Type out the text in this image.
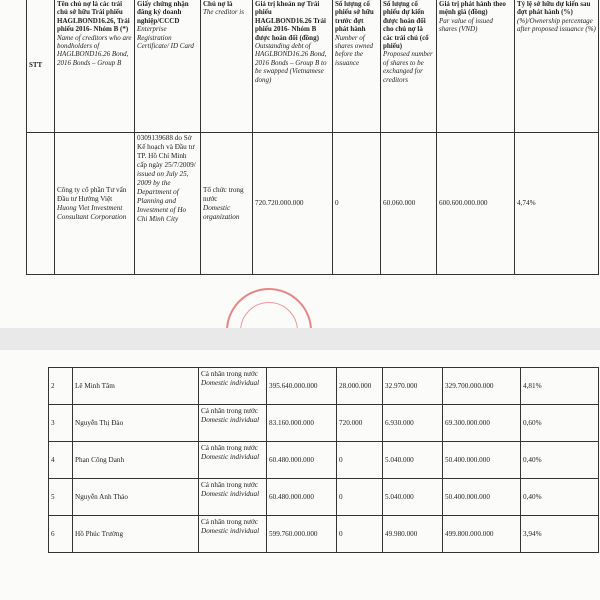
STT	Tên chủ nợ là các trái chủ sở hữu Trái phiếu HAGLBOND16.26, Trái phiếu 2016- Nhóm B (*)
Name of creditors who are bondholders of HAGLBOND16.26 Bond, 2016 Bonds – Group B	Giấy chứng nhận đăng ký doanh nghiệp/CCCD
Enterprise Registration Certificate/ ID Card	Chủ nợ là
The creditor is	Giá trị khoản nợ Trái phiếu HAGLBOND16.26 Trái phiếu 2016- Nhóm B được hoán đổi (đồng)
Outstanding debt of HAGLBOND16.26 Bond, 2016 Bonds – Group B to be swapped (Vietnamese dong)	Số lượng cổ phiếu sở hữu trước đợt phát hành
Number of shares owned before the issuance	Số lượng cổ phiếu dự kiến được hoán đổi cho chủ nợ là các trái chủ (cổ phiếu)
Proposed number of shares to be exchanged for creditors	Giá trị phát hành theo mệnh giá (đồng)
Par value of issued shares (VND)	Tỷ lệ sở hữu dự kiến sau đợt phát hành (%)
(%)/Ownership percentage after proposed issuance (%)

	Công ty cổ phần Tư vấn Đầu tư Hướng Việt
Huong Viet Investment Consultant Corporation	0309139688 do Sở Kế hoạch và Đầu tư TP. Hồ Chí Minh cấp ngày 25/7/2009/
issued on July 25, 2009 by the Department of Planning and Investment of Ho Chi Minh City	Tổ chức trong nước
Domestic organization	720.720.000.000	0	60.060.000	600.600.000.000	4,74%
2	Lê Minh Tâm	Cá nhân trong nước
Domestic individual	395.640.000.000	28.000.000	32.970.000	329.700.000.000	4,81%
3	Nguyễn Thị Đào	Cá nhân trong nước
Domestic individual	83.160.000.000	720.000	6.930.000	69.300.000.000	0,60%
4	Phan Công Danh	Cá nhân trong nước
Domestic individual	60.480.000.000	0	5.040.000	50.400.000.000	0,40%
5	Nguyễn Anh Thảo	Cá nhân trong nước
Domestic individual	60.480.000.000	0	5.040.000	50.400.000.000	0,40%
6	Hồ Phúc Trường	Cá nhân trong nước
Domestic individual	599.760.000.000	0	49.980.000	499.800.000.000	3,94%
